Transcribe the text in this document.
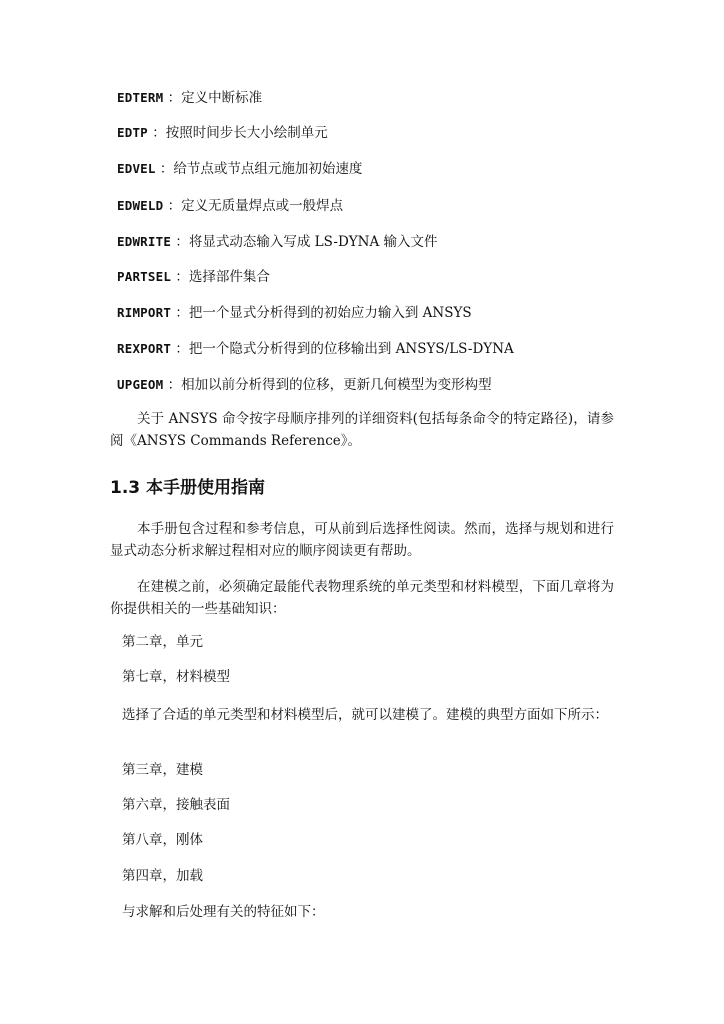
EDTERM ：定义中断标准
EDTP ：按照时间步长大小绘制单元
EDVEL ：给节点或节点组元施加初始速度
EDWELD ：定义无质量焊点或一般焊点
EDWRITE ：将显式动态输入写成 LS-DYNA 输入文件
PARTSEL ：选择部件集合
RIMPORT ：把一个显式分析得到的初始应力输入到 ANSYS
REXPORT ：把一个隐式分析得到的位移输出到 ANSYS/LS-DYNA
UPGEOM ：相加以前分析得到的位移，更新几何模型为变形构型

关于 ANSYS 命令按字母顺序排列的详细资料(包括每条命令的特定路径)，请参阅《ANSYS Commands Reference》。

1.3 本手册使用指南

本手册包含过程和参考信息，可从前到后选择性阅读。然而，选择与规划和进行显式动态分析求解过程相对应的顺序阅读更有帮助。

在建模之前，必须确定最能代表物理系统的单元类型和材料模型，下面几章将为你提供相关的一些基础知识：

第二章，单元
第七章，材料模型

选择了合适的单元类型和材料模型后，就可以建模了。建模的典型方面如下所示：

第三章，建模
第六章，接触表面
第八章，刚体
第四章，加载
与求解和后处理有关的特征如下：
